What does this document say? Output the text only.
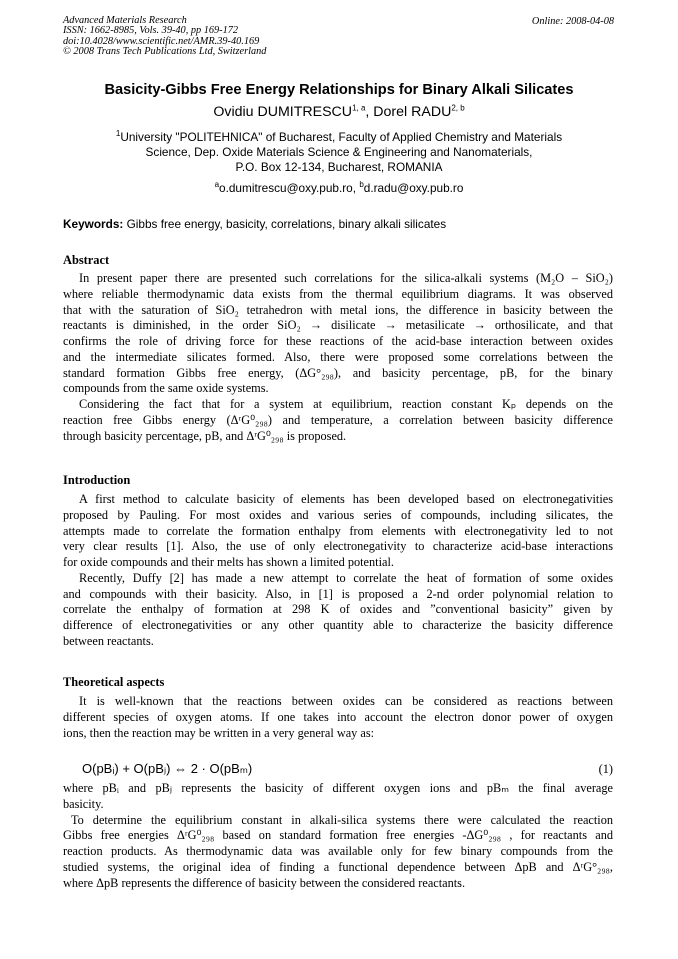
Advanced Materials Research
ISSN: 1662-8985, Vols. 39-40, pp 169-172
doi:10.4028/www.scientific.net/AMR.39-40.169
© 2008 Trans Tech Publications Ltd, Switzerland
Online: 2008-04-08
Basicity-Gibbs Free Energy Relationships for Binary Alkali Silicates
Ovidiu DUMITRESCU$^{1, a}$, Dorel RADU$^{2, b}$
$^1$University "POLITEHNICA" of Bucharest, Faculty of Applied Chemistry and Materials
Science, Dep. Oxide Materials Science & Engineering and Nanomaterials,
P.O. Box 12-134, Bucharest, ROMANIA
$^a$o.dumitrescu@oxy.pub.ro, $^b$d.radu@oxy.pub.ro
Keywords: Gibbs free energy, basicity, correlations, binary alkali silicates
Abstract
In present paper there are presented such correlations for the silica-alkali systems (M₂O – SiO₂)
where reliable thermodynamic data exists from the thermal equilibrium diagrams. It was observed
that with the saturation of SiO₂ tetrahedron with metal ions, the difference in basicity between the
reactants is diminished, in the order SiO₂ → disilicate → metasilicate → orthosilicate, and that
confirms the role of driving force for these reactions of the acid-base interaction between oxides
and the intermediate silicates formed. Also, there were proposed some correlations between the
standard formation Gibbs free energy, (ΔG°₂₉₈), and basicity percentage, pB, for the binary
compounds from the same oxide systems.
Considering the fact that for a system at equilibrium, reaction constant Kₚ depends on the
reaction free Gibbs energy (ΔʳG⁰₂₉₈) and temperature, a correlation between basicity difference
through basicity percentage, pB, and ΔʳG⁰₂₉₈ is proposed.
Introduction
A first method to calculate basicity of elements has been developed based on electronegativities
proposed by Pauling. For most oxides and various series of compounds, including silicates, the
attempts made to correlate the formation enthalpy from elements with electronegativity led to not
very clear results [1]. Also, the use of only electronegativity to characterize acid-base interactions
for oxide compounds and their melts has shown a limited potential.
Recently, Duffy [2] has made a new attempt to correlate the heat of formation of some oxides
and compounds with their basicity. Also, in [1] is proposed a 2-nd order polynomial relation to
correlate the enthalpy of formation at 298 K of oxides and ”conventional basicity” given by
difference of electronegativities or any other quantity able to characterize the basicity difference
between reactants.
Theoretical aspects
It is well-known that the reactions between oxides can be considered as reactions between
different species of oxygen atoms. If one takes into account the electron donor power of oxygen
ions, then the reaction may be written in a very general way as:
O(pBᵢ) + O(pBⱼ) ⇔ 2 · O(pBₘ)	(1)
where pBᵢ and pBⱼ represents the basicity of different oxygen ions and pBₘ the final average
basicity.
To determine the equilibrium constant in alkali-silica systems there were calculated the reaction
Gibbs free energies ΔʳG⁰₂₉₈ based on standard formation free energies -ΔG⁰₂₉₈ , for reactants and
reaction products. As thermodynamic data was available only for few binary compounds from the
studied systems, the original idea of finding a functional dependence between ΔpB and ΔʳG°₂₉₈,
where ΔpB represents the difference of basicity between the considered reactants.
